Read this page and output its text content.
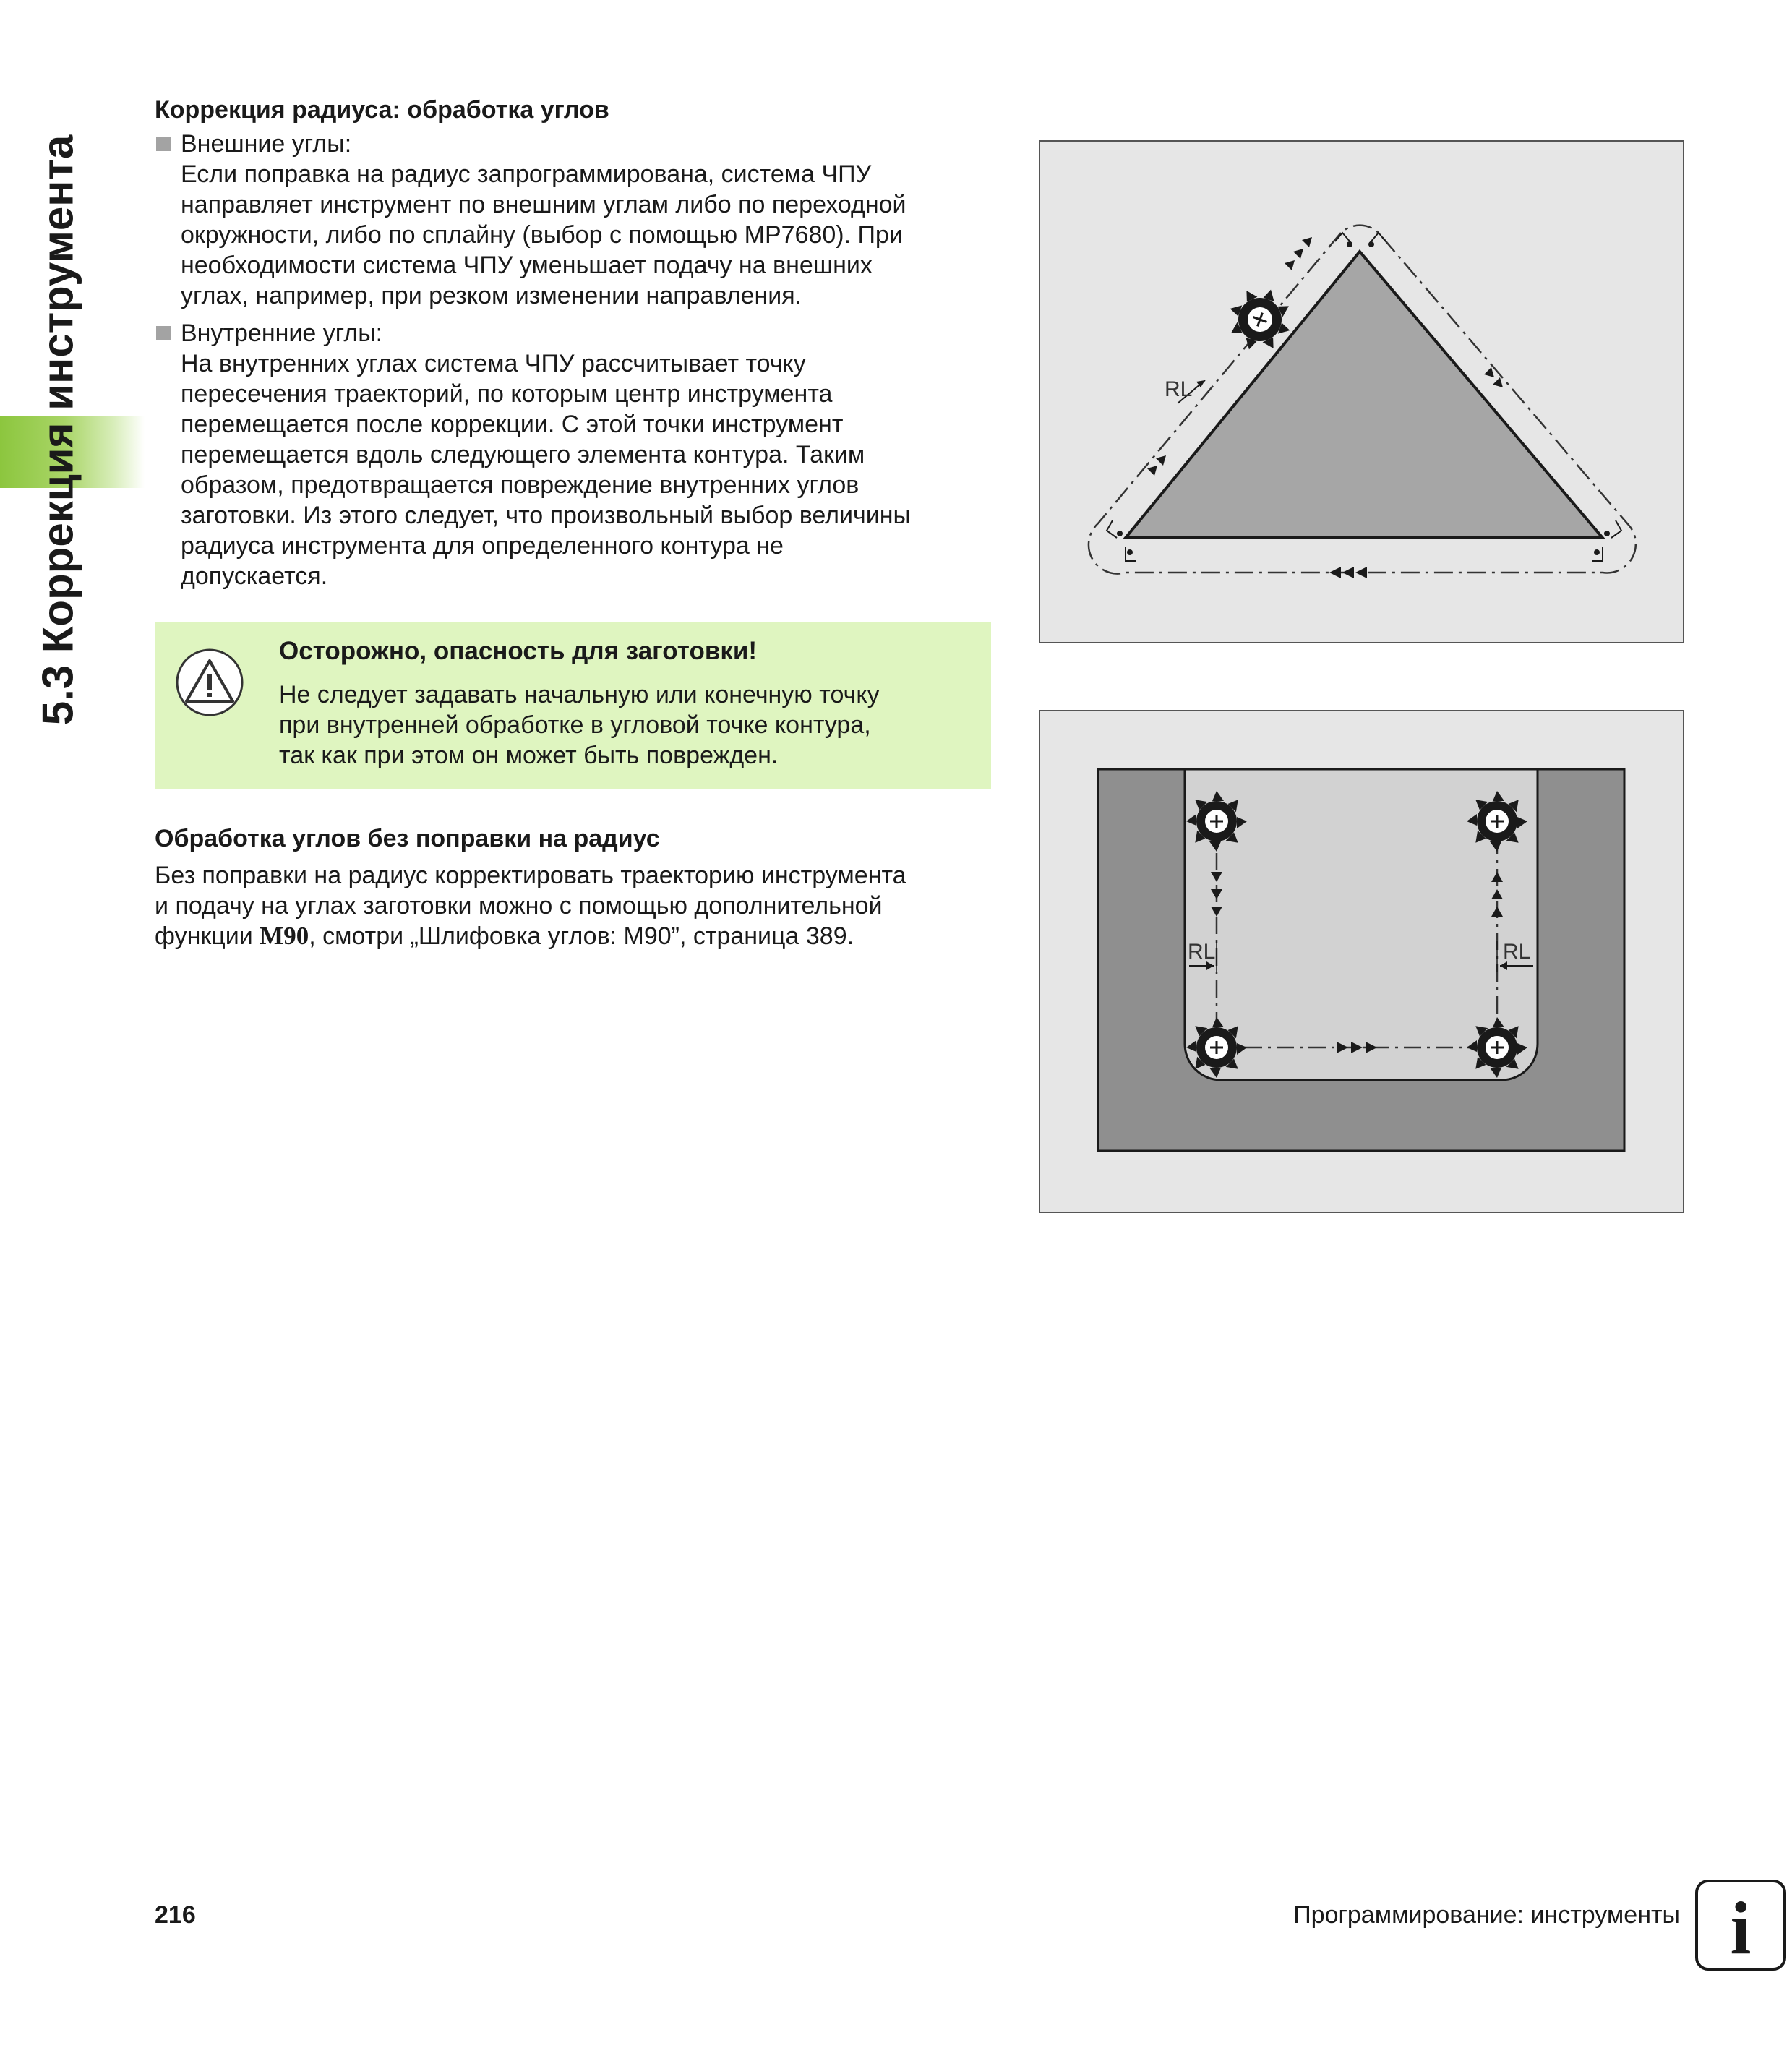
5.3 Коррекция инструмента
Коррекция радиуса: обработка углов

Внешние углы:

Если поправка на радиус запрограммирована, система ЧПУ

направляет инструмент по внешним углам либо по переходной

окружности, либо по сплайну (выбор с помощью MP7680). При

необходимости система ЧПУ уменьшает подачу на внешних

углах, например, при резком изменении направления.

Внутренние углы:

На внутренних углах система ЧПУ рассчитывает точку

пересечения траекторий, по которым центр инструмента

перемещается после коррекции. С этой точки инструмент

перемещается вдоль следующего элемента контура. Таким

образом, предотвращается повреждение внутренних углов

заготовки. Из этого следует, что произвольный выбор величины

радиуса инструмента для определенного контура не

допускается.

Осторожно, опасность для заготовки!
Не следует задавать начальную или конечную точку
при внутренней обработке в угловой точке контура,
так как при этом он может быть поврежден.
Обработка углов без поправки на радиус
Без поправки на радиус корректировать траекторию инструмента
и подачу на углах заготовки можно с помощью дополнительной
функции M90, смотри „Шлифовка углов: M90”, страница 389.
RL
RL	RL
216	Программирование: инструменты i
